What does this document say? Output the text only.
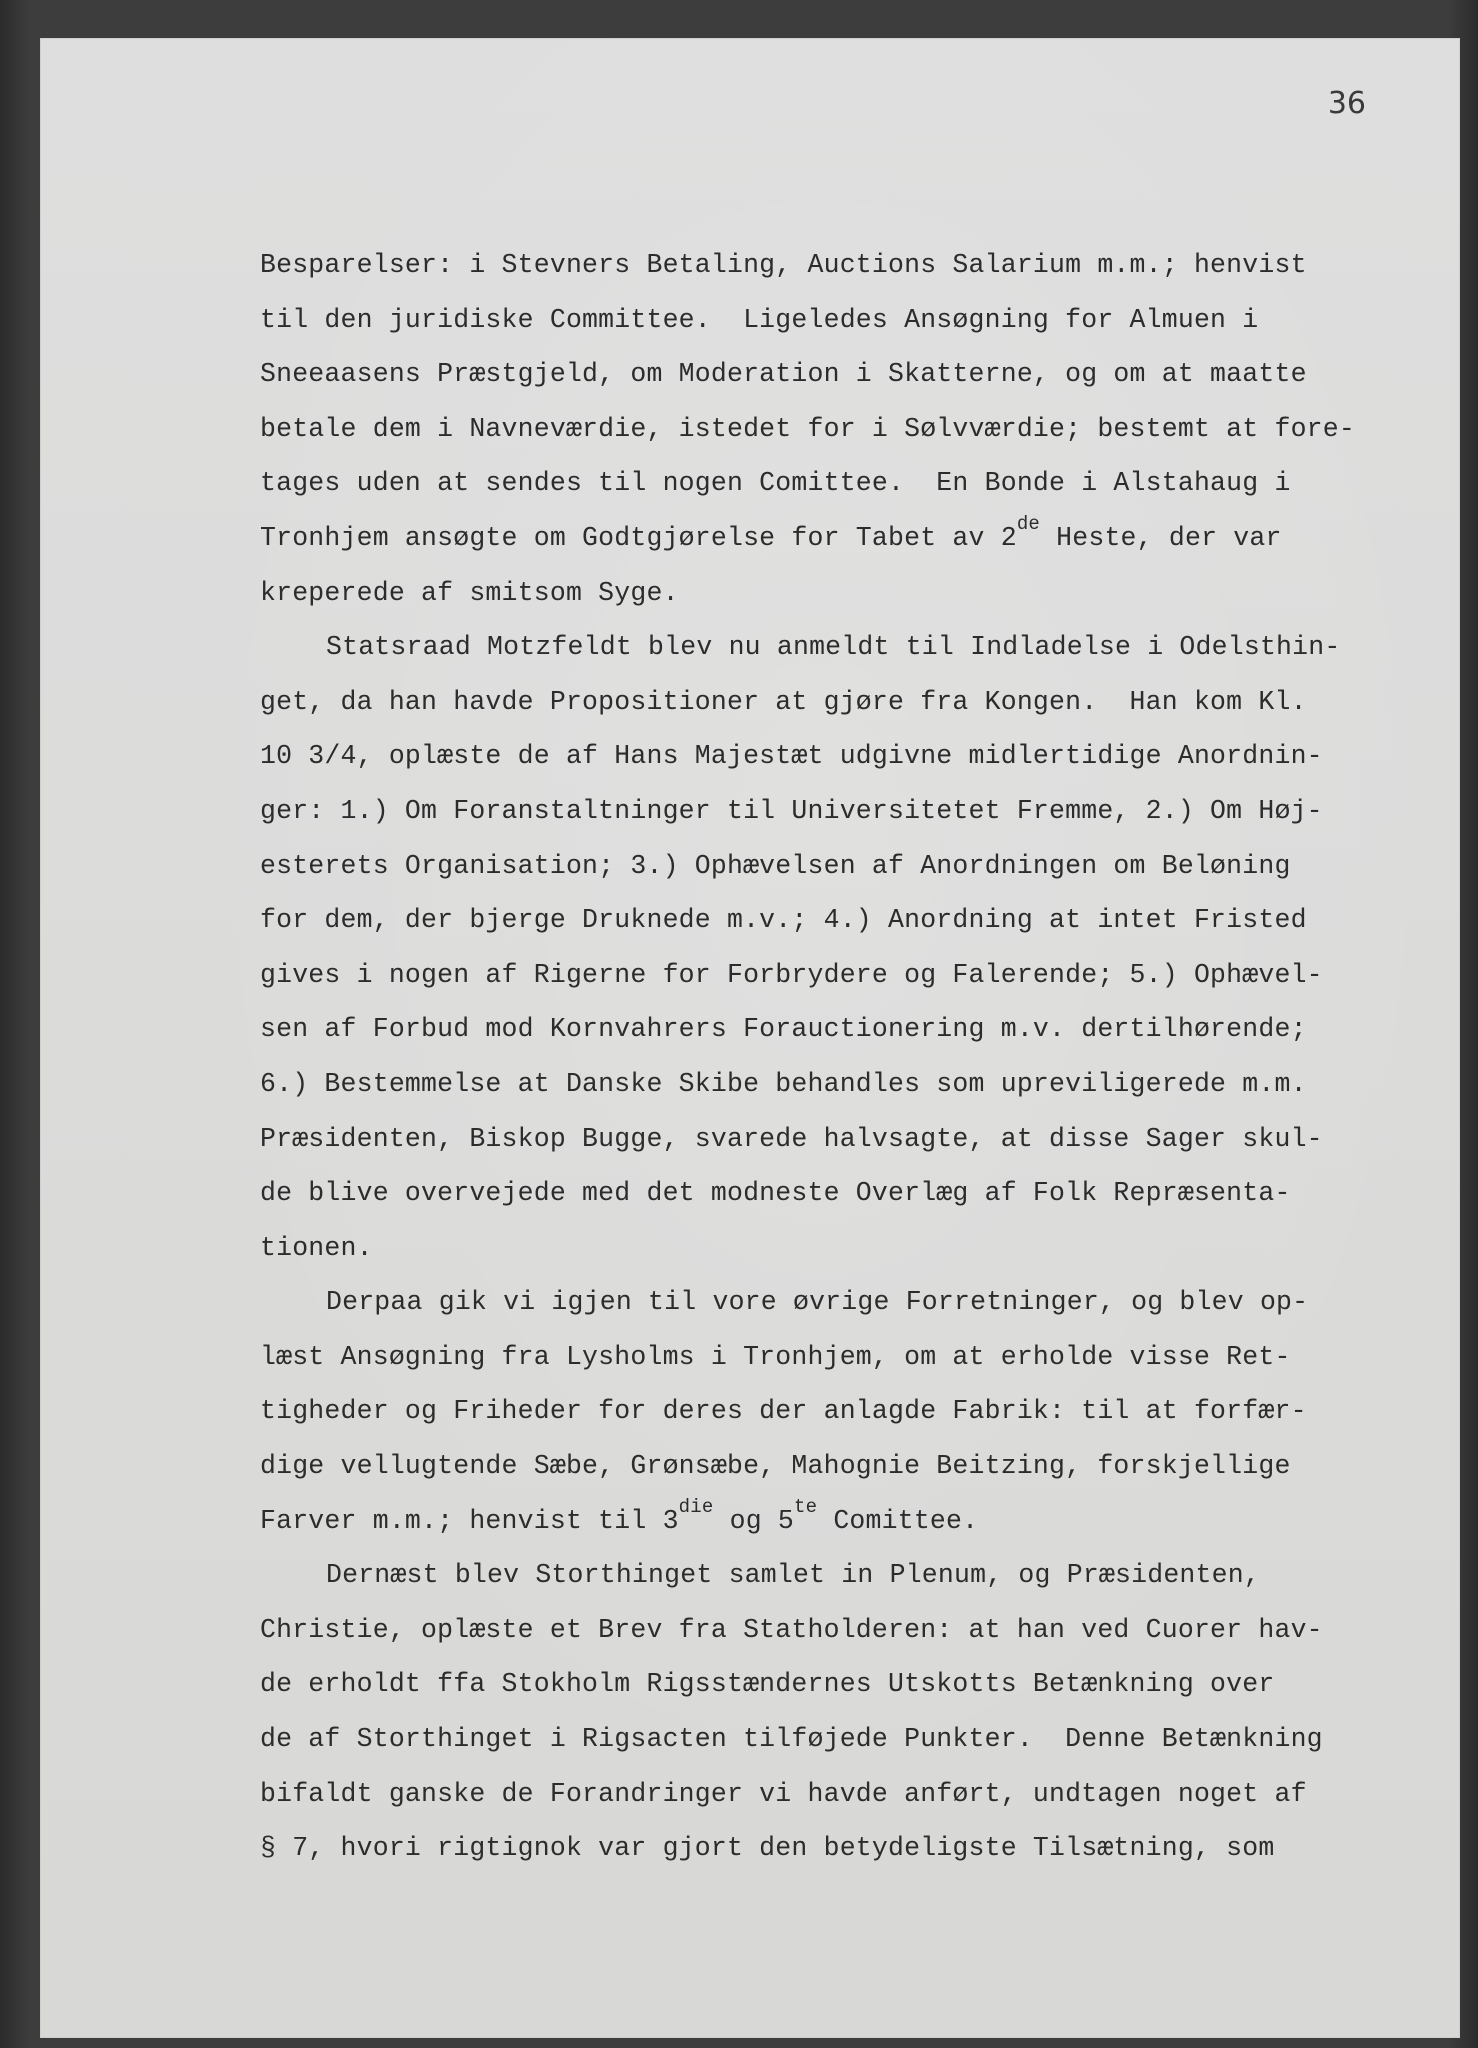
36
Besparelser: i Stevners Betaling, Auctions Salarium m.m.; henvist
til den juridiske Committee.  Ligeledes Ansøgning for Almuen i
Sneeaasens Præstgjeld, om Moderation i Skatterne, og om at maatte
betale dem i Navneværdie, istedet for i Sølvværdie; bestemt at fore-
tages uden at sendes til nogen Comittee.  En Bonde i Alstahaug i
Tronhjem ansøgte om Godtgjørelse for Tabet av 2de Heste, der var
kreperede af smitsom Syge.
Statsraad Motzfeldt blev nu anmeldt til Indladelse i Odelsthin-
get, da han havde Propositioner at gjøre fra Kongen.  Han kom Kl.
10 3/4, oplæste de af Hans Majestæt udgivne midlertidige Anordnin-
ger: 1.) Om Foranstaltninger til Universitetet Fremme, 2.) Om Høj-
esterets Organisation; 3.) Ophævelsen af Anordningen om Beløning
for dem, der bjerge Druknede m.v.; 4.) Anordning at intet Fristed
gives i nogen af Rigerne for Forbrydere og Falerende; 5.) Ophævel-
sen af Forbud mod Kornvahrers Forauctionering m.v. dertilhørende;
6.) Bestemmelse at Danske Skibe behandles som upreviligerede m.m.
Præsidenten, Biskop Bugge, svarede halvsagte, at disse Sager skul-
de blive overvejede med det modneste Overlæg af Folk Repræsenta-
tionen.
Derpaa gik vi igjen til vore øvrige Forretninger, og blev op-
læst Ansøgning fra Lysholms i Tronhjem, om at erholde visse Ret-
tigheder og Friheder for deres der anlagde Fabrik: til at forfær-
dige vellugtende Sæbe, Grønsæbe, Mahognie Beitzing, forskjellige
Farver m.m.; henvist til $3^{die}$ og $5^{te}$ Comittee.
Dernæst blev Storthinget samlet in Plenum, og Præsidenten,
Christie, oplæste et Brev fra Statholderen: at han ved Cuorer hav-
de erholdt ffa Stokholm Rigsstændernes Utskotts Betænkning over
de af Storthinget i Rigsacten tilføjede Punkter.  Denne Betænkning
bifaldt ganske de Forandringer vi havde anført, undtagen noget af
§ 7, hvori rigtignok var gjort den betydeligste Tilsætning, som
